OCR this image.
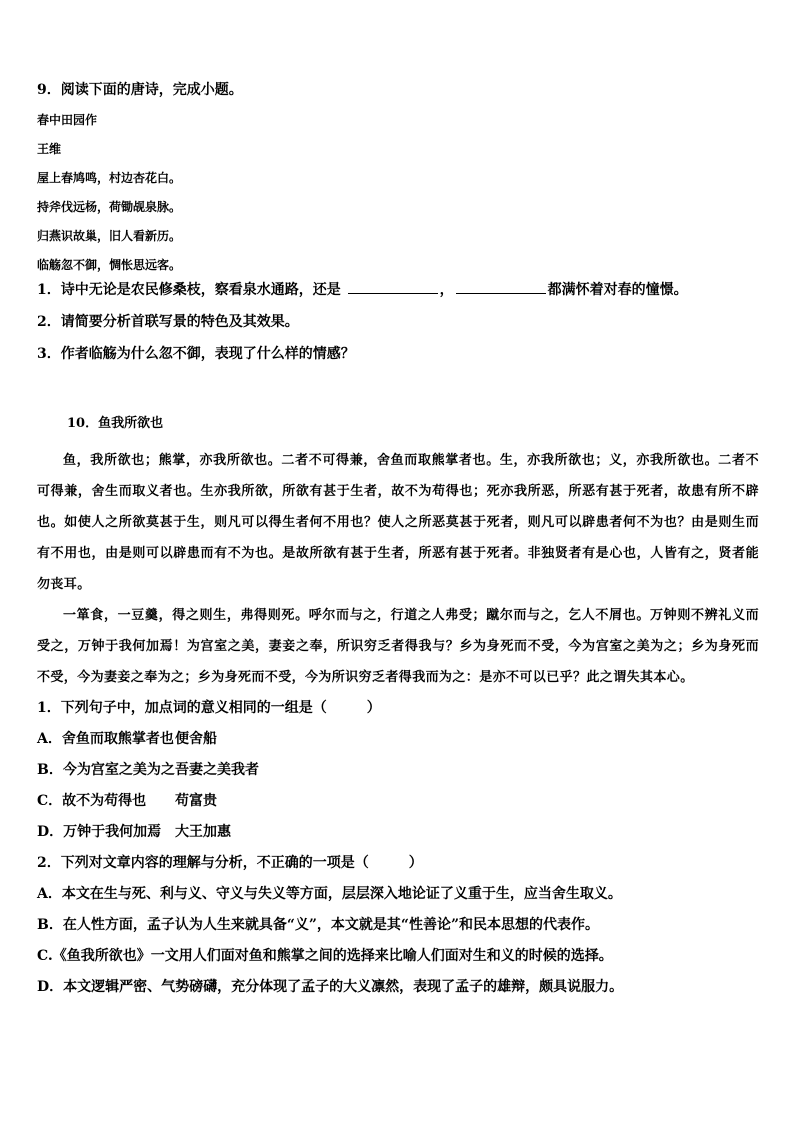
9．阅读下面的唐诗，完成小题。

春中田园作

王维

屋上春鸠鸣，村边杏花白。

持斧伐远杨，荷锄觇泉脉。

归燕识故巢，旧人看新历。

临觞忽不御，惆怅思远客。

1．诗中无论是农民修桑枝，察看泉水通路，还是	，	都满怀着对春的憧憬。

2．请简要分析首联写景的特色及其效果。

3．作者临觞为什么忽不御，表现了什么样的情感？

10．鱼我所欲也

鱼，我所欲也；熊掌，亦我所欲也。二者不可得兼，舍鱼而取熊掌者也。生，亦我所欲也；义，亦我所欲也。二者不可得兼，舍生而取义者也。生亦我所欲，所欲有甚于生者，故不为苟得也；死亦我所恶，所恶有甚于死者，故患有所不辟也。如使人之所欲莫甚于生，则凡可以得生者何不用也？使人之所恶莫甚于死者，则凡可以辟患者何不为也？由是则生而有不用也，由是则可以辟患而有不为也。是故所欲有甚于生者，所恶有甚于死者。非独贤者有是心也，人皆有之，贤者能勿丧耳。

一箪食，一豆羹，得之则生，弗得则死。呼尔而与之，行道之人弗受；蹴尔而与之，乞人不屑也。万钟则不辨礼义而受之，万钟于我何加焉！为宫室之美，妻妾之奉，所识穷乏者得我与？乡为身死而不受，今为宫室之美为之；乡为身死而不受，今为妻妾之奉为之；乡为身死而不受，今为所识穷乏者得我而为之：是亦不可以已乎？此之谓失其本心。

1．下列句子中，加点词的意义相同的一组是（	）

A．舍鱼而取熊掌者也便舍船

B．今为宫室之美为之吾妻之美我者

C．故不为苟得也 苟富贵

D．万钟于我何加焉 大王加惠

2．下列对文章内容的理解与分析，不正确的一项是（	）

A．本文在生与死、利与义、守义与失义等方面，层层深入地论证了义重于生，应当舍生取义。

B．在人性方面，孟子认为人生来就具备“义”，本文就是其“性善论”和民本思想的代表作。

C.《鱼我所欲也》一文用人们面对鱼和熊掌之间的选择来比喻人们面对生和义的时候的选择。

D．本文逻辑严密、气势磅礴，充分体现了孟子的大义凛然，表现了孟子的雄辩，颇具说服力。
